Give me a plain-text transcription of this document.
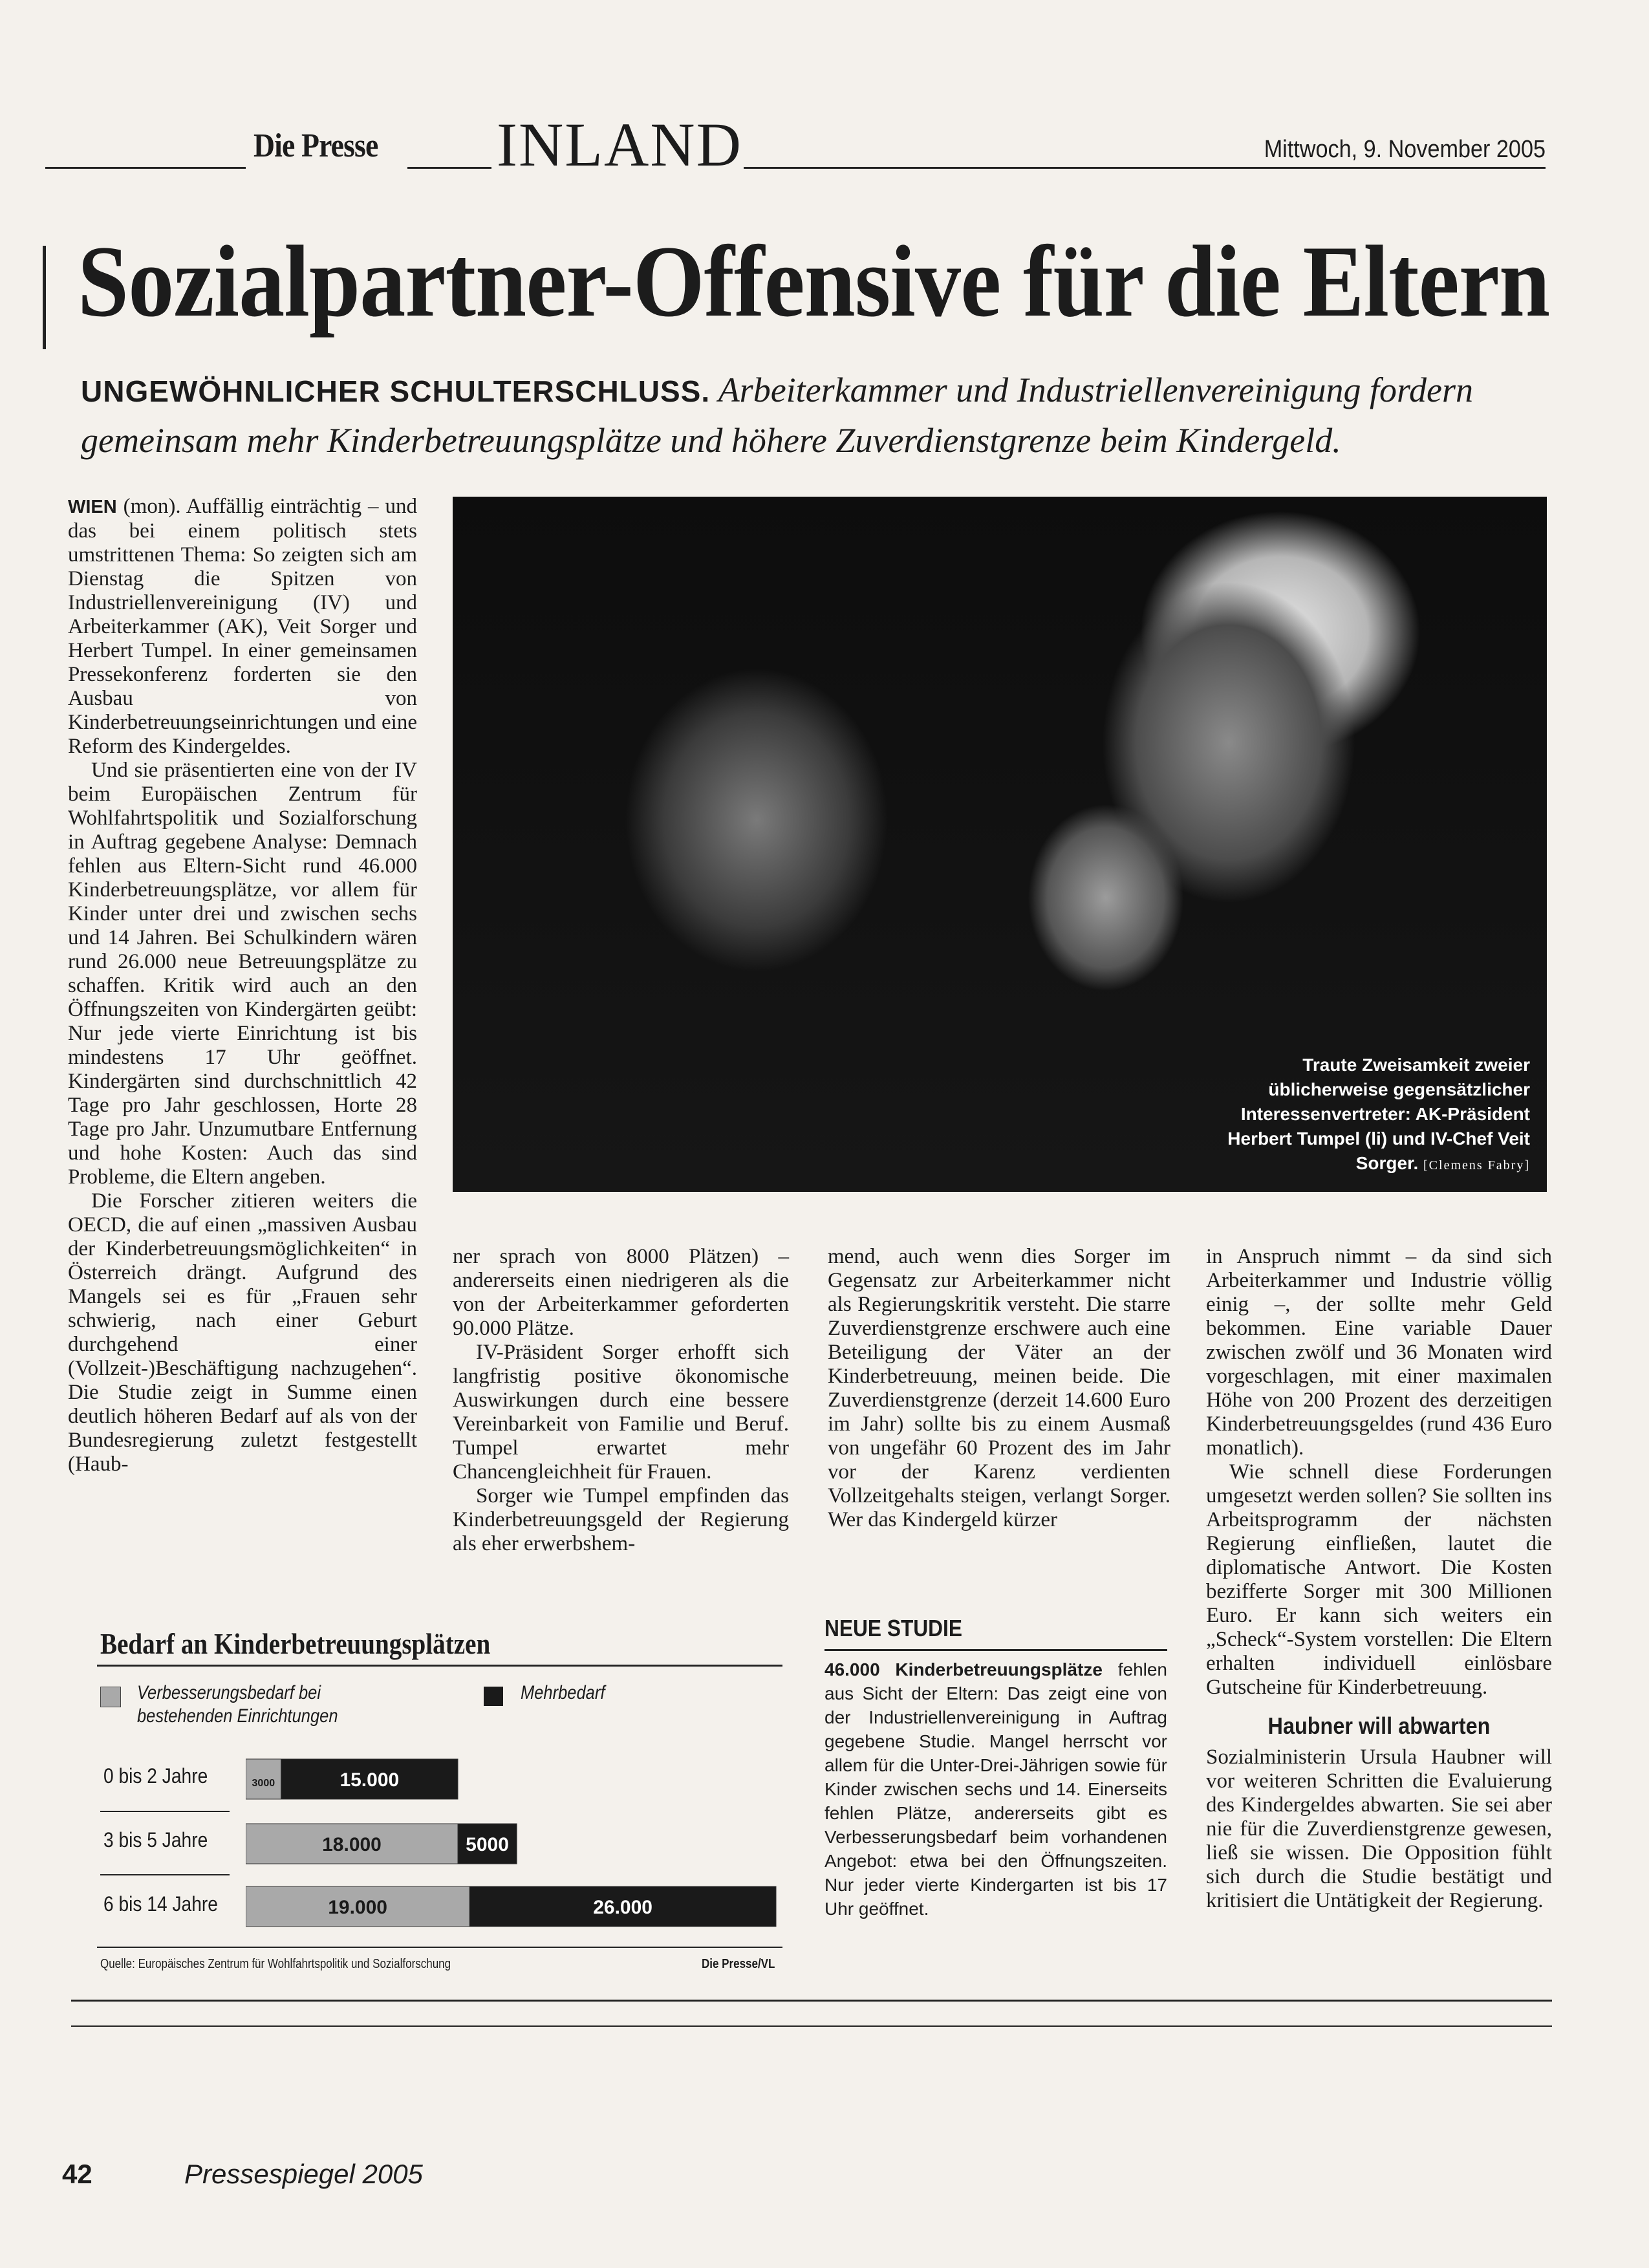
Die Presse INLAND	Mittwoch, 9. November 2005
Sozialpartner-Offensive für die Eltern
UNGEWÖHNLICHER SCHULTERSCHLUSS. Arbeiterkammer und Industriellenvereinigung fordern gemeinsam mehr Kinderbetreuungsplätze und höhere Zuverdienstgrenze beim Kindergeld.

WIEN (mon). Auffällig einträchtig – und das bei einem politisch stets umstrittenen Thema: So zeigten sich am Dienstag die Spitzen von Industriellenvereinigung (IV) und Arbeiterkammer (AK), Veit Sorger und Herbert Tumpel. In einer gemeinsamen Pressekonferenz forderten sie den Ausbau von Kinderbetreuungseinrichtungen und eine Reform des Kindergeldes.

Und sie präsentierten eine von der IV beim Europäischen Zentrum für Wohlfahrtspolitik und Sozialforschung in Auftrag gegebene Analyse: Demnach fehlen aus Eltern-Sicht rund 46.000 Kinderbetreuungsplätze, vor allem für Kinder unter drei und zwischen sechs und 14 Jahren. Bei Schulkindern wären rund 26.000 neue Betreuungsplätze zu schaffen. Kritik wird auch an den Öffnungszeiten von Kindergärten geübt: Nur jede vierte Einrichtung ist bis mindestens 17 Uhr geöffnet. Kindergärten sind durchschnittlich 42 Tage pro Jahr geschlossen, Horte 28 Tage pro Jahr. Unzumutbare Entfernung und hohe Kosten: Auch das sind Probleme, die Eltern angeben.

Die Forscher zitieren weiters die OECD, die auf einen „massiven Ausbau der Kinderbetreuungsmöglichkeiten“ in Österreich drängt. Aufgrund des Mangels sei es für „Frauen sehr schwierig, nach einer Geburt durchgehend einer (Vollzeit-)Beschäftigung nachzugehen“. Die Studie zeigt in Summe einen deutlich höheren Bedarf auf als von der Bundesregierung zuletzt festgestellt (Haub-

Traute Zweisamkeit zweier üblicherweise gegensätzlicher Interessenvertreter: AK-Präsident Herbert Tumpel (li) und IV-Chef Veit Sorger. [Clemens Fabry]

ner sprach von 8000 Plätzen) – andererseits einen niedrigeren als die von der Arbeiterkammer geforderten 90.000 Plätze.

IV-Präsident Sorger erhofft sich langfristig positive ökonomische Auswirkungen durch eine bessere Vereinbarkeit von Familie und Beruf. Tumpel erwartet mehr Chancengleichheit für Frauen.

Sorger wie Tumpel empfinden das Kinderbetreuungsgeld der Regierung als eher erwerbshem-

mend, auch wenn dies Sorger im Gegensatz zur Arbeiterkammer nicht als Regierungskritik versteht. Die starre Zuverdienstgrenze erschwere auch eine Beteiligung der Väter an der Kinderbetreuung, meinen beide. Die Zuverdienstgrenze (derzeit 14.600 Euro im Jahr) sollte bis zu einem Ausmaß von ungefähr 60 Prozent des im Jahr vor der Karenz verdienten Vollzeitgehalts steigen, verlangt Sorger. Wer das Kindergeld kürzer

in Anspruch nimmt – da sind sich Arbeiterkammer und Industrie völlig einig –, der sollte mehr Geld bekommen. Eine variable Dauer zwischen zwölf und 36 Monaten wird vorgeschlagen, mit einer maximalen Höhe von 200 Prozent des derzeitigen Kinderbetreuungsgeldes (rund 436 Euro monatlich).

Wie schnell diese Forderungen umgesetzt werden sollen? Sie sollten ins Arbeitsprogramm der nächsten Regierung einfließen, lautet die diplomatische Antwort. Die Kosten bezifferte Sorger mit 300 Millionen Euro. Er kann sich weiters ein „Scheck“-System vorstellen: Die Eltern erhalten individuell einlösbare Gutscheine für Kinderbetreuung.

Haubner will abwarten

Sozialministerin Ursula Haubner will vor weiteren Schritten die Evaluierung des Kindergeldes abwarten. Sie sei aber nie für die Zuverdienstgrenze gewesen, ließ sie wissen. Die Opposition fühlt sich durch die Studie bestätigt und kritisiert die Untätigkeit der Regierung.

NEUE STUDIE
46.000 Kinderbetreuungsplätze fehlen aus Sicht der Eltern: Das zeigt eine von der Industriellenvereinigung in Auftrag gegebene Studie. Mangel herrscht vor allem für die Unter-Drei-Jährigen sowie für Kinder zwischen sechs und 14. Einerseits fehlen Plätze, andererseits gibt es Verbesserungsbedarf beim vorhandenen Angebot: etwa bei den Öffnungszeiten. Nur jeder vierte Kindergarten ist bis 17 Uhr geöffnet.
Bedarf an Kinderbetreuungsplätzen
Verbesserungsbedarf bei bestehenden Einrichtungen
Mehrbedarf
0 bis 2 Jahre
3 bis 5 Jahre
6 bis 14 Jahre
3000	15.000
18.000	5000
19.000	26.000
Quelle: Europäisches Zentrum für Wohlfahrtspolitik und Sozialforschung	Die Presse/VL
42	Pressespiegel 2005
